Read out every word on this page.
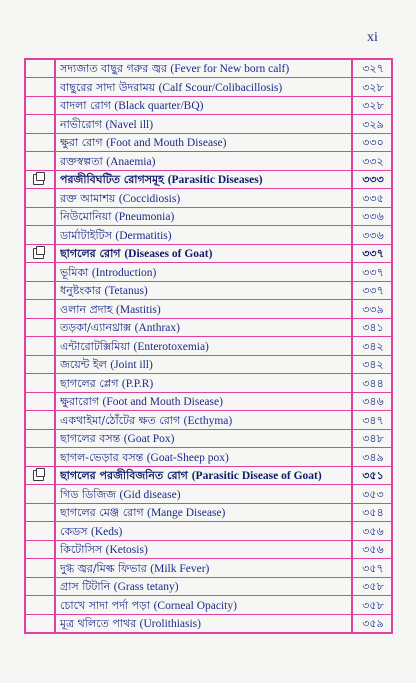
xi
সদ্যজাত বাছুর গরুর জ্বর (Fever for New born calf)	৩২৭
বাছুরের সাদা উদরাময় (Calf Scour/Colibacillosis)	৩২৮
বাদলা রোগ (Black quarter/BQ)	৩২৮
নাভীরোগ (Navel ill)	৩২৯
ক্ষুরা রোগ (Foot and Mouth Disease)	৩৩০
রক্তস্বল্পতা (Anaemia)	৩৩২
পরজীবিঘটিত রোগসমূহ (Parasitic Diseases)	৩৩৩
রক্ত আমাশয় (Coccidiosis)	৩৩৫
নিউমোনিয়া (Pneumonia)	৩৩৬
ডার্মাটাইটিস (Dermatitis)	৩৩৬
ছাগলের রোগ (Diseases of Goat)	৩৩৭
ভূমিকা (Introduction)	৩৩৭
ধনুষ্টংকার (Tetanus)	৩৩৭
ওলান প্রদাহ (Mastitis)	৩৩৯
তড়কা/এ্যানথ্রাক্স (Anthrax)	৩৪১
এন্টারোটক্সিমিয়া (Enterotoxemia)	৩৪২
জয়েন্ট ইল (Joint ill)	৩৪২
ছাগলের প্লেগ (P.P.R)	৩৪৪
ক্ষুরারোগ (Foot and Mouth Disease)	৩৪৬
একথাইমা/ঠোঁটের ক্ষত রোগ (Ecthyma)	৩৪৭
ছাগলের বসন্ত (Goat Pox)	৩৪৮
ছাগল-ভেড়ার বসন্ত (Goat-Sheep pox)	৩৪৯
ছাগলের পরজীবিজনিত রোগ (Parasitic Disease of Goat)	৩৫১
গিড ডিজিজ (Gid disease)	৩৫৩
ছাগলের মেঞ্জ রোগ (Mange Disease)	৩৫৪
কেডস (Keds)	৩৫৬
কিটোসিস (Ketosis)	৩৫৬
দুগ্ধ জ্বর/মিল্ক ফিভার (Milk Fever)	৩৫৭
গ্রাস টিটানি (Grass tetany)	৩৫৮
চোখে সাদা পর্দা পড়া (Corneal Opacity)	৩৫৮
মূত্র থলিতে পাথর (Urolithiasis)	৩৫৯
